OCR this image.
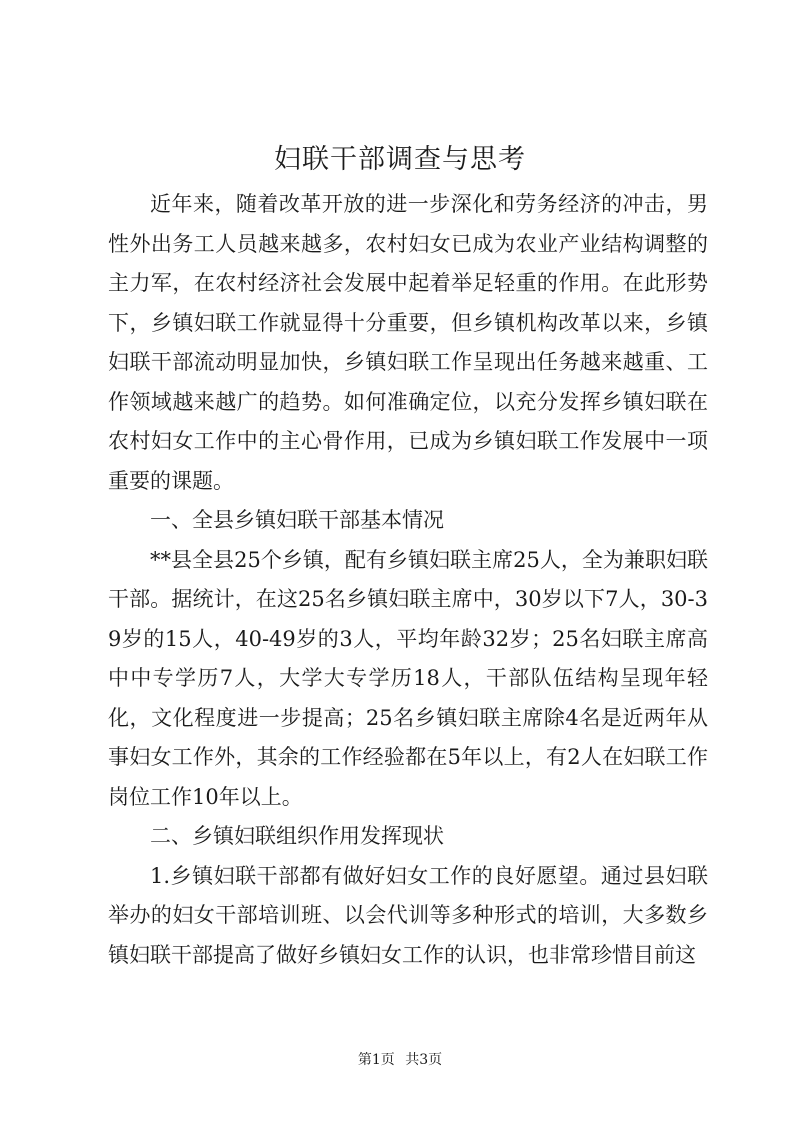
妇联干部调查与思考

近年来，随着改革开放的进一步深化和劳务经济的冲击，男性外出务工人员越来越多，农村妇女已成为农业产业结构调整的主力军，在农村经济社会发展中起着举足轻重的作用。在此形势下，乡镇妇联工作就显得十分重要，但乡镇机构改革以来，乡镇妇联干部流动明显加快，乡镇妇联工作呈现出任务越来越重、工作领域越来越广的趋势。如何准确定位，以充分发挥乡镇妇联在农村妇女工作中的主心骨作用，已成为乡镇妇联工作发展中一项重要的课题。

一、全县乡镇妇联干部基本情况

**县全县25个乡镇，配有乡镇妇联主席25人，全为兼职妇联干部。据统计，在这25名乡镇妇联主席中，30岁以下7人，30-39岁的15人，40-49岁的3人，平均年龄32岁；25名妇联主席高中中专学历7人，大学大专学历18人，干部队伍结构呈现年轻化，文化程度进一步提高；25名乡镇妇联主席除4名是近两年从事妇女工作外，其余的工作经验都在5年以上，有2人在妇联工作岗位工作10年以上。

二、乡镇妇联组织作用发挥现状

1.乡镇妇联干部都有做好妇女工作的良好愿望。通过县妇联举办的妇女干部培训班、以会代训等多种形式的培训，大多数乡镇妇联干部提高了做好乡镇妇女工作的认识，也非常珍惜目前这

第1页 共3页
